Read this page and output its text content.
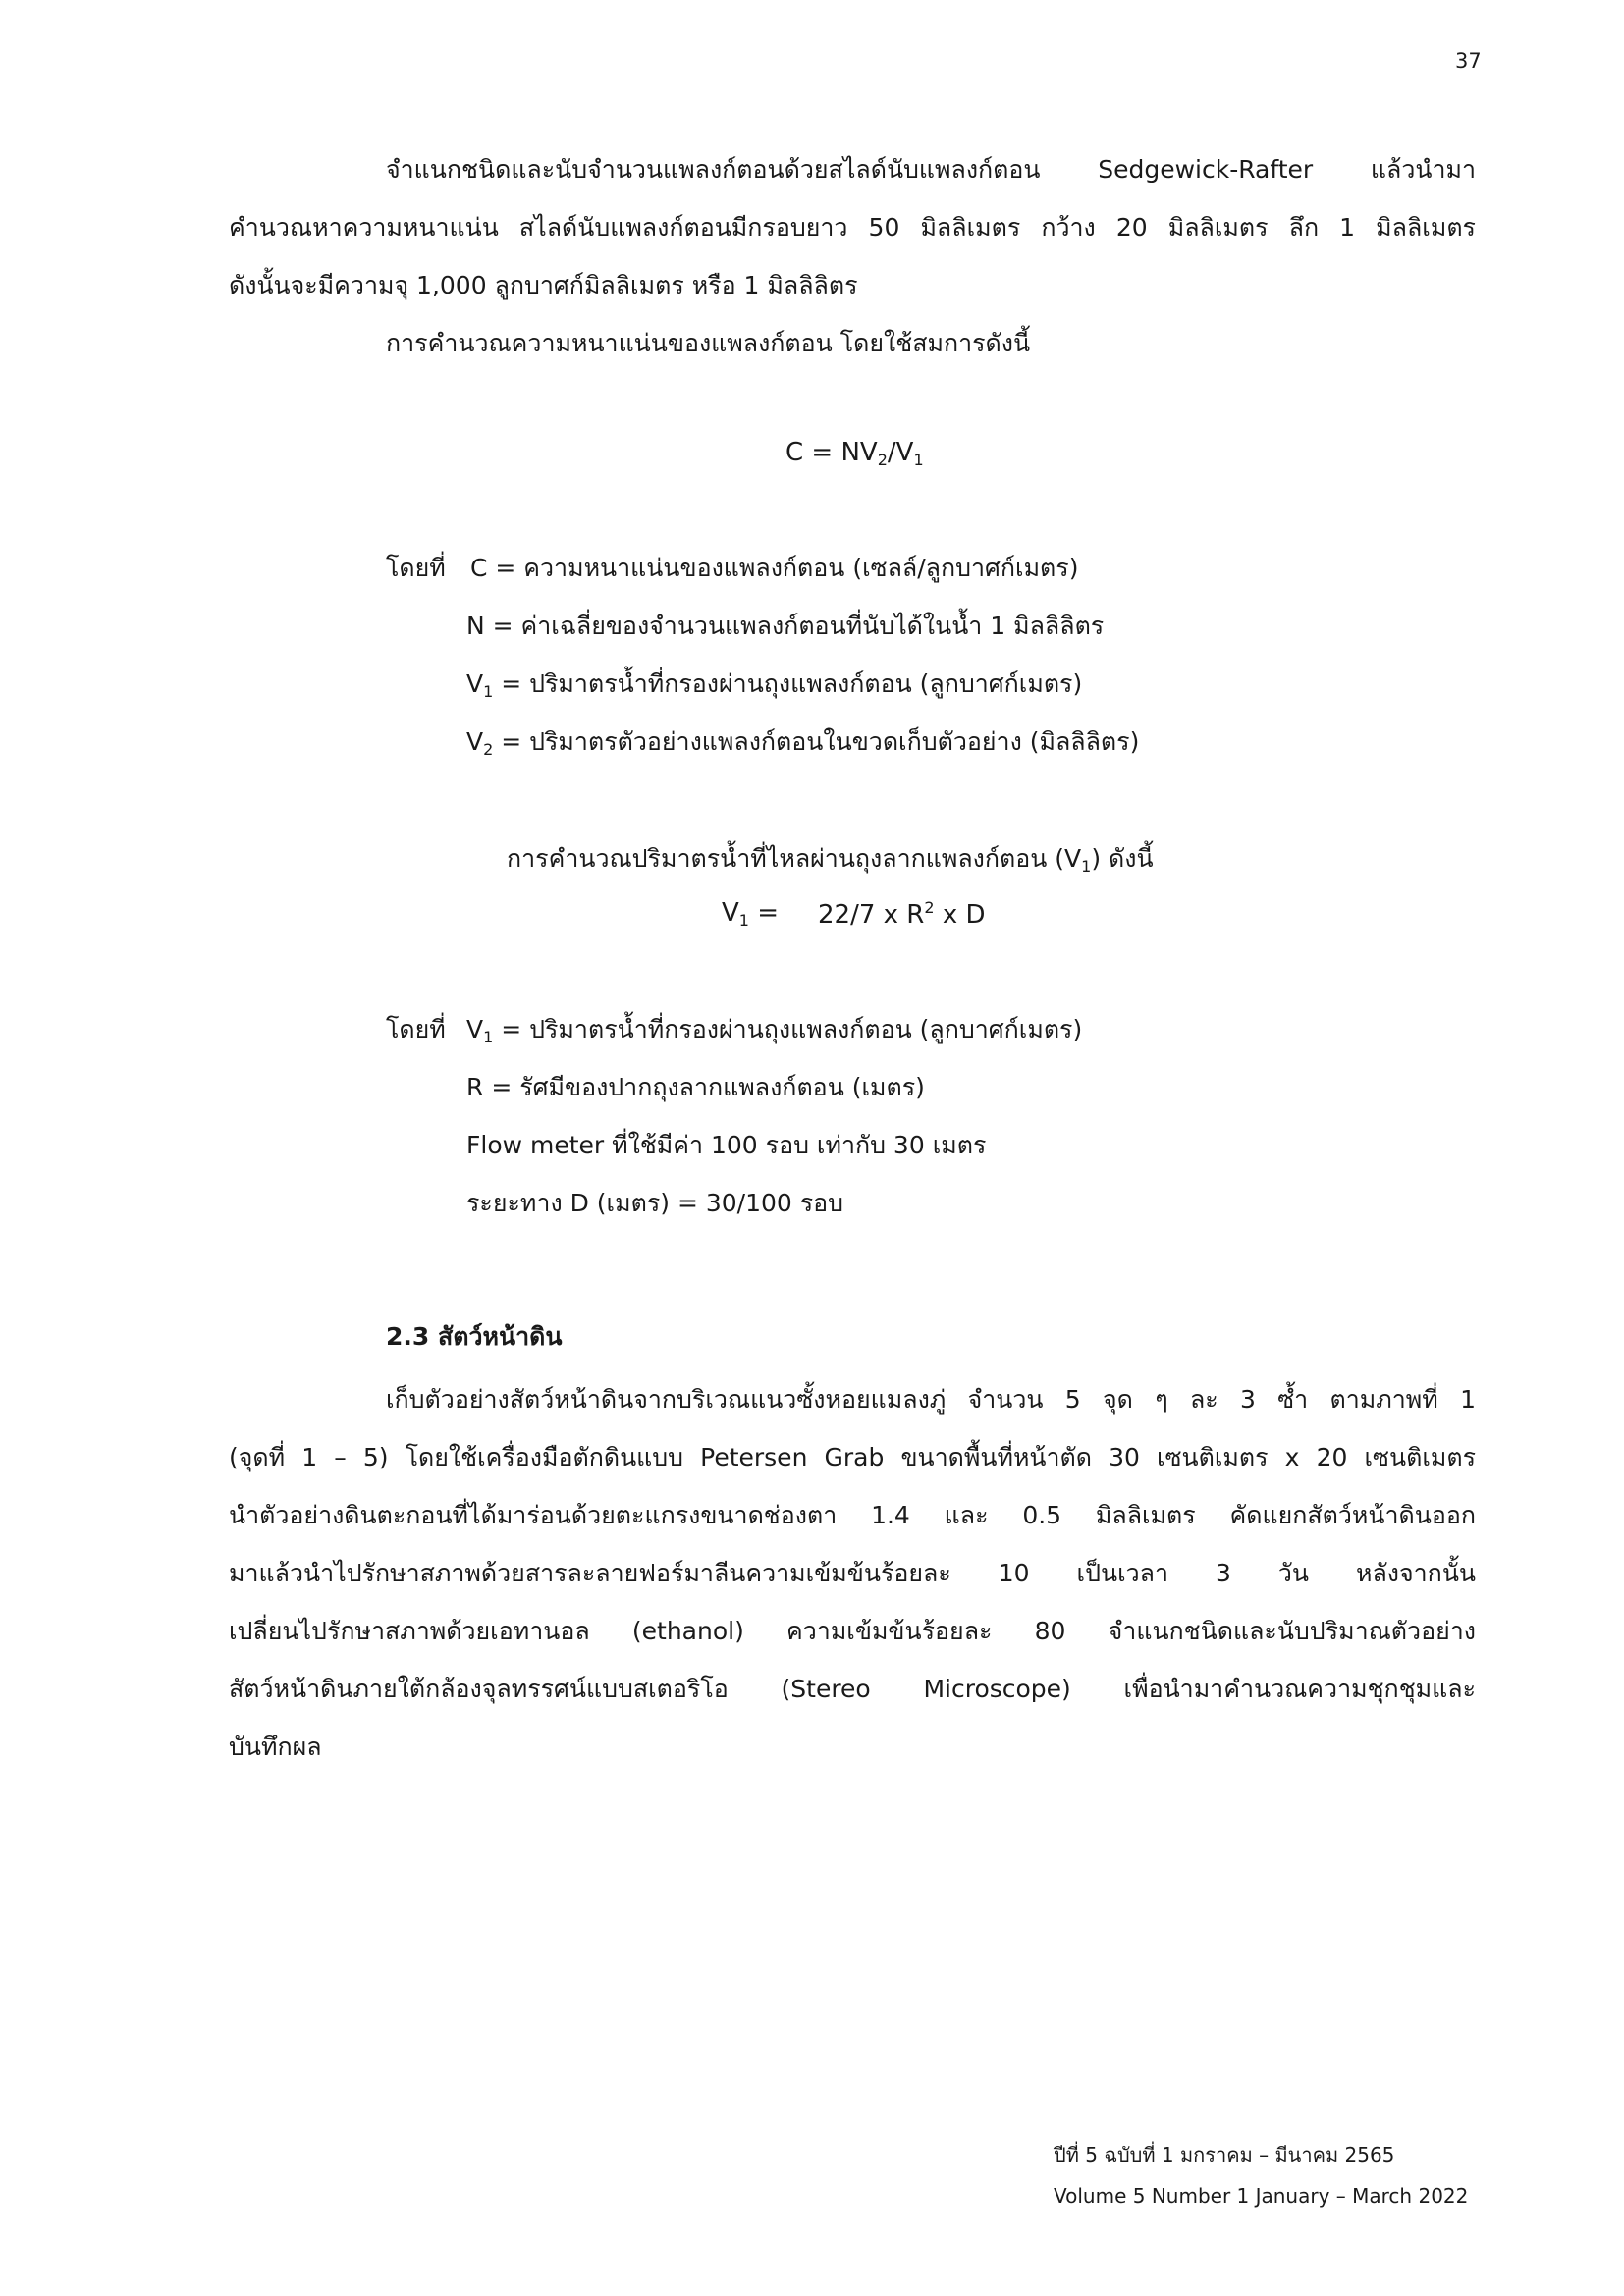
37
จำแนกชนิดและนับจำนวนแพลงก์ตอนด้วยสไลด์นับแพลงก์ตอน Sedgewick-Rafter แล้วนำมา
คำนวณหาความหนาแน่น สไลด์นับแพลงก์ตอนมีกรอบยาว 50 มิลลิเมตร กว้าง 20 มิลลิเมตร ลึก 1 มิลลิเมตร
ดังนั้นจะมีความจุ 1,000 ลูกบาศก์มิลลิเมตร หรือ 1 มิลลิลิตร
การคำนวณความหนาแน่นของแพลงก์ตอน โดยใช้สมการดังนี้
$C = NV_2/V_1$
โดยที่ C = ความหนาแน่นของแพลงก์ตอน (เซลล์/ลูกบาศก์เมตร)
N = ค่าเฉลี่ยของจำนวนแพลงก์ตอนที่นับได้ในน้ำ 1 มิลลิลิตร
$V_1$ = ปริมาตรน้ำที่กรองผ่านถุงแพลงก์ตอน (ลูกบาศก์เมตร)
$V_2$ = ปริมาตรตัวอย่างแพลงก์ตอนในขวดเก็บตัวอย่าง (มิลลิลิตร)
การคำนวณปริมาตรน้ำที่ไหลผ่านถุงลากแพลงก์ตอน $(V_1)$ ดังนี้
$V_1 = 22/7$ x $R^2$ x D
โดยที่ $V_1$ = ปริมาตรน้ำที่กรองผ่านถุงแพลงก์ตอน (ลูกบาศก์เมตร)
R = รัศมีของปากถุงลากแพลงก์ตอน (เมตร)
Flow meter ที่ใช้มีค่า 100 รอบ เท่ากับ 30 เมตร
ระยะทาง D (เมตร) = 30/100 รอบ
2.3 สัตว์หน้าดิน
เก็บตัวอย่างสัตว์หน้าดินจากบริเวณแนวซั้งหอยแมลงภู่ จำนวน 5 จุด ๆ ละ 3 ซ้ำ ตามภาพที่ 1
(จุดที่ 1 – 5) โดยใช้เครื่องมือตักดินแบบ Petersen Grab ขนาดพื้นที่หน้าตัด 30 เซนติเมตร x 20 เซนติเมตร
นำตัวอย่างดินตะกอนที่ได้มาร่อนด้วยตะแกรงขนาดช่องตา 1.4 และ 0.5 มิลลิเมตร คัดแยกสัตว์หน้าดินออก
มาแล้วนำไปรักษาสภาพด้วยสารละลายฟอร์มาลีนความเข้มข้นร้อยละ 10 เป็นเวลา 3 วัน หลังจากนั้น
เปลี่ยนไปรักษาสภาพด้วยเอทานอล (ethanol) ความเข้มข้นร้อยละ 80 จำแนกชนิดและนับปริมาณตัวอย่าง
สัตว์หน้าดินภายใต้กล้องจุลทรรศน์แบบสเตอริโอ (Stereo Microscope) เพื่อนำมาคำนวณความชุกชุมและ
บันทึกผล
ปีที่ 5 ฉบับที่ 1 มกราคม – มีนาคม 2565
Volume 5 Number 1 January – March 2022
